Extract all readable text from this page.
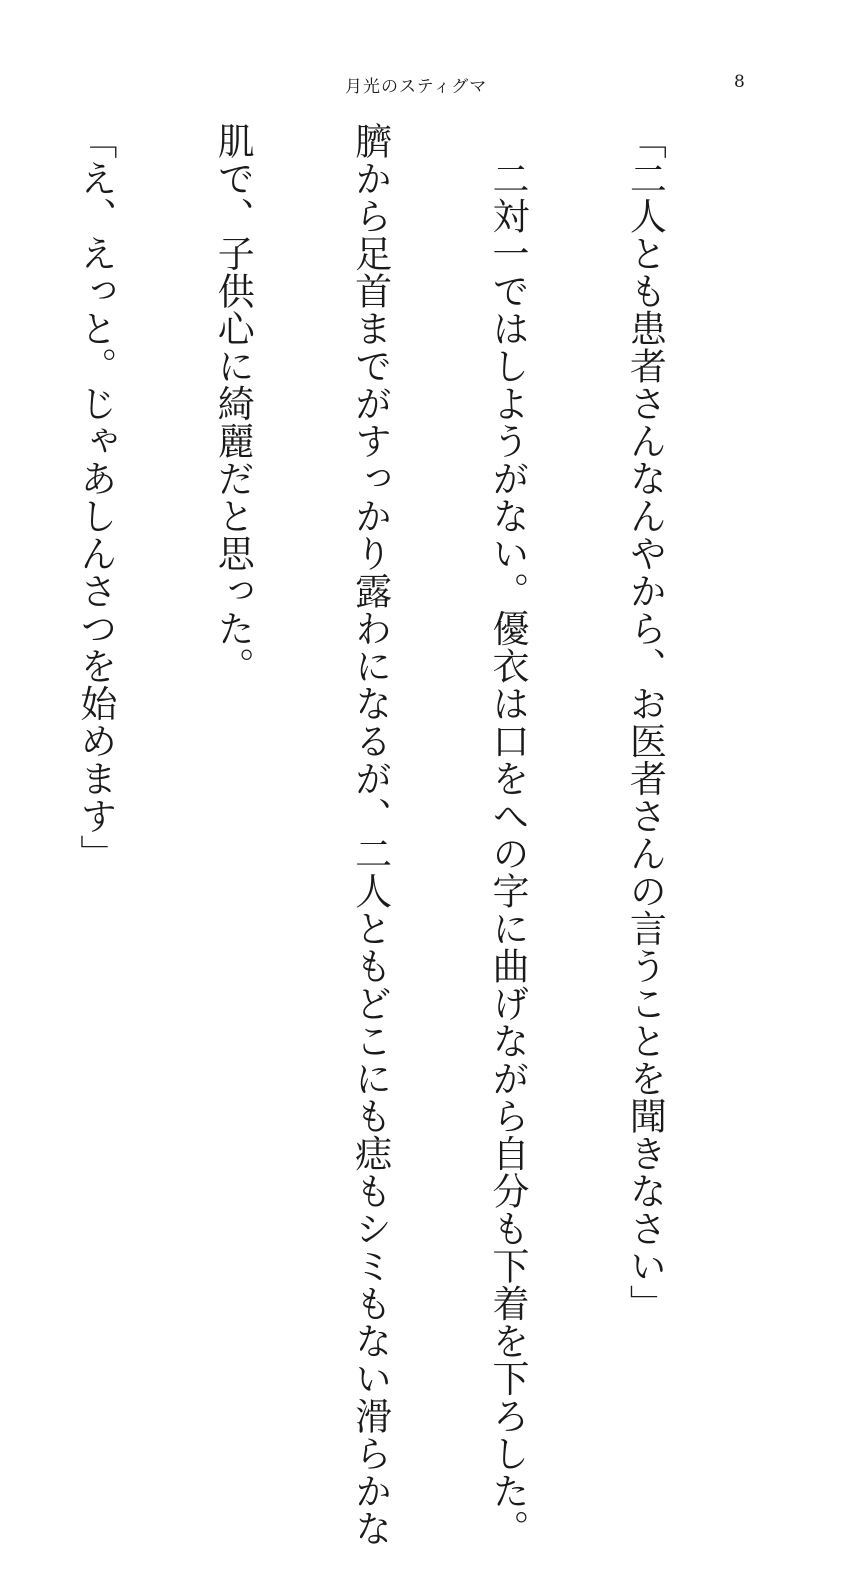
月光のスティグマ	8

「二人とも患者さんなんやから、お医者さんの言うことを聞きなさい」

　二対一ではしようがない。優衣は口をへの字に曲げながら自分も下着を下ろした。

臍から足首までがすっかり露わになるが、二人ともどこにも痣もシミもない滑らかな

肌で、子供心に綺麗だと思った。

「え、えっと。じゃあしんさつを始めます」
